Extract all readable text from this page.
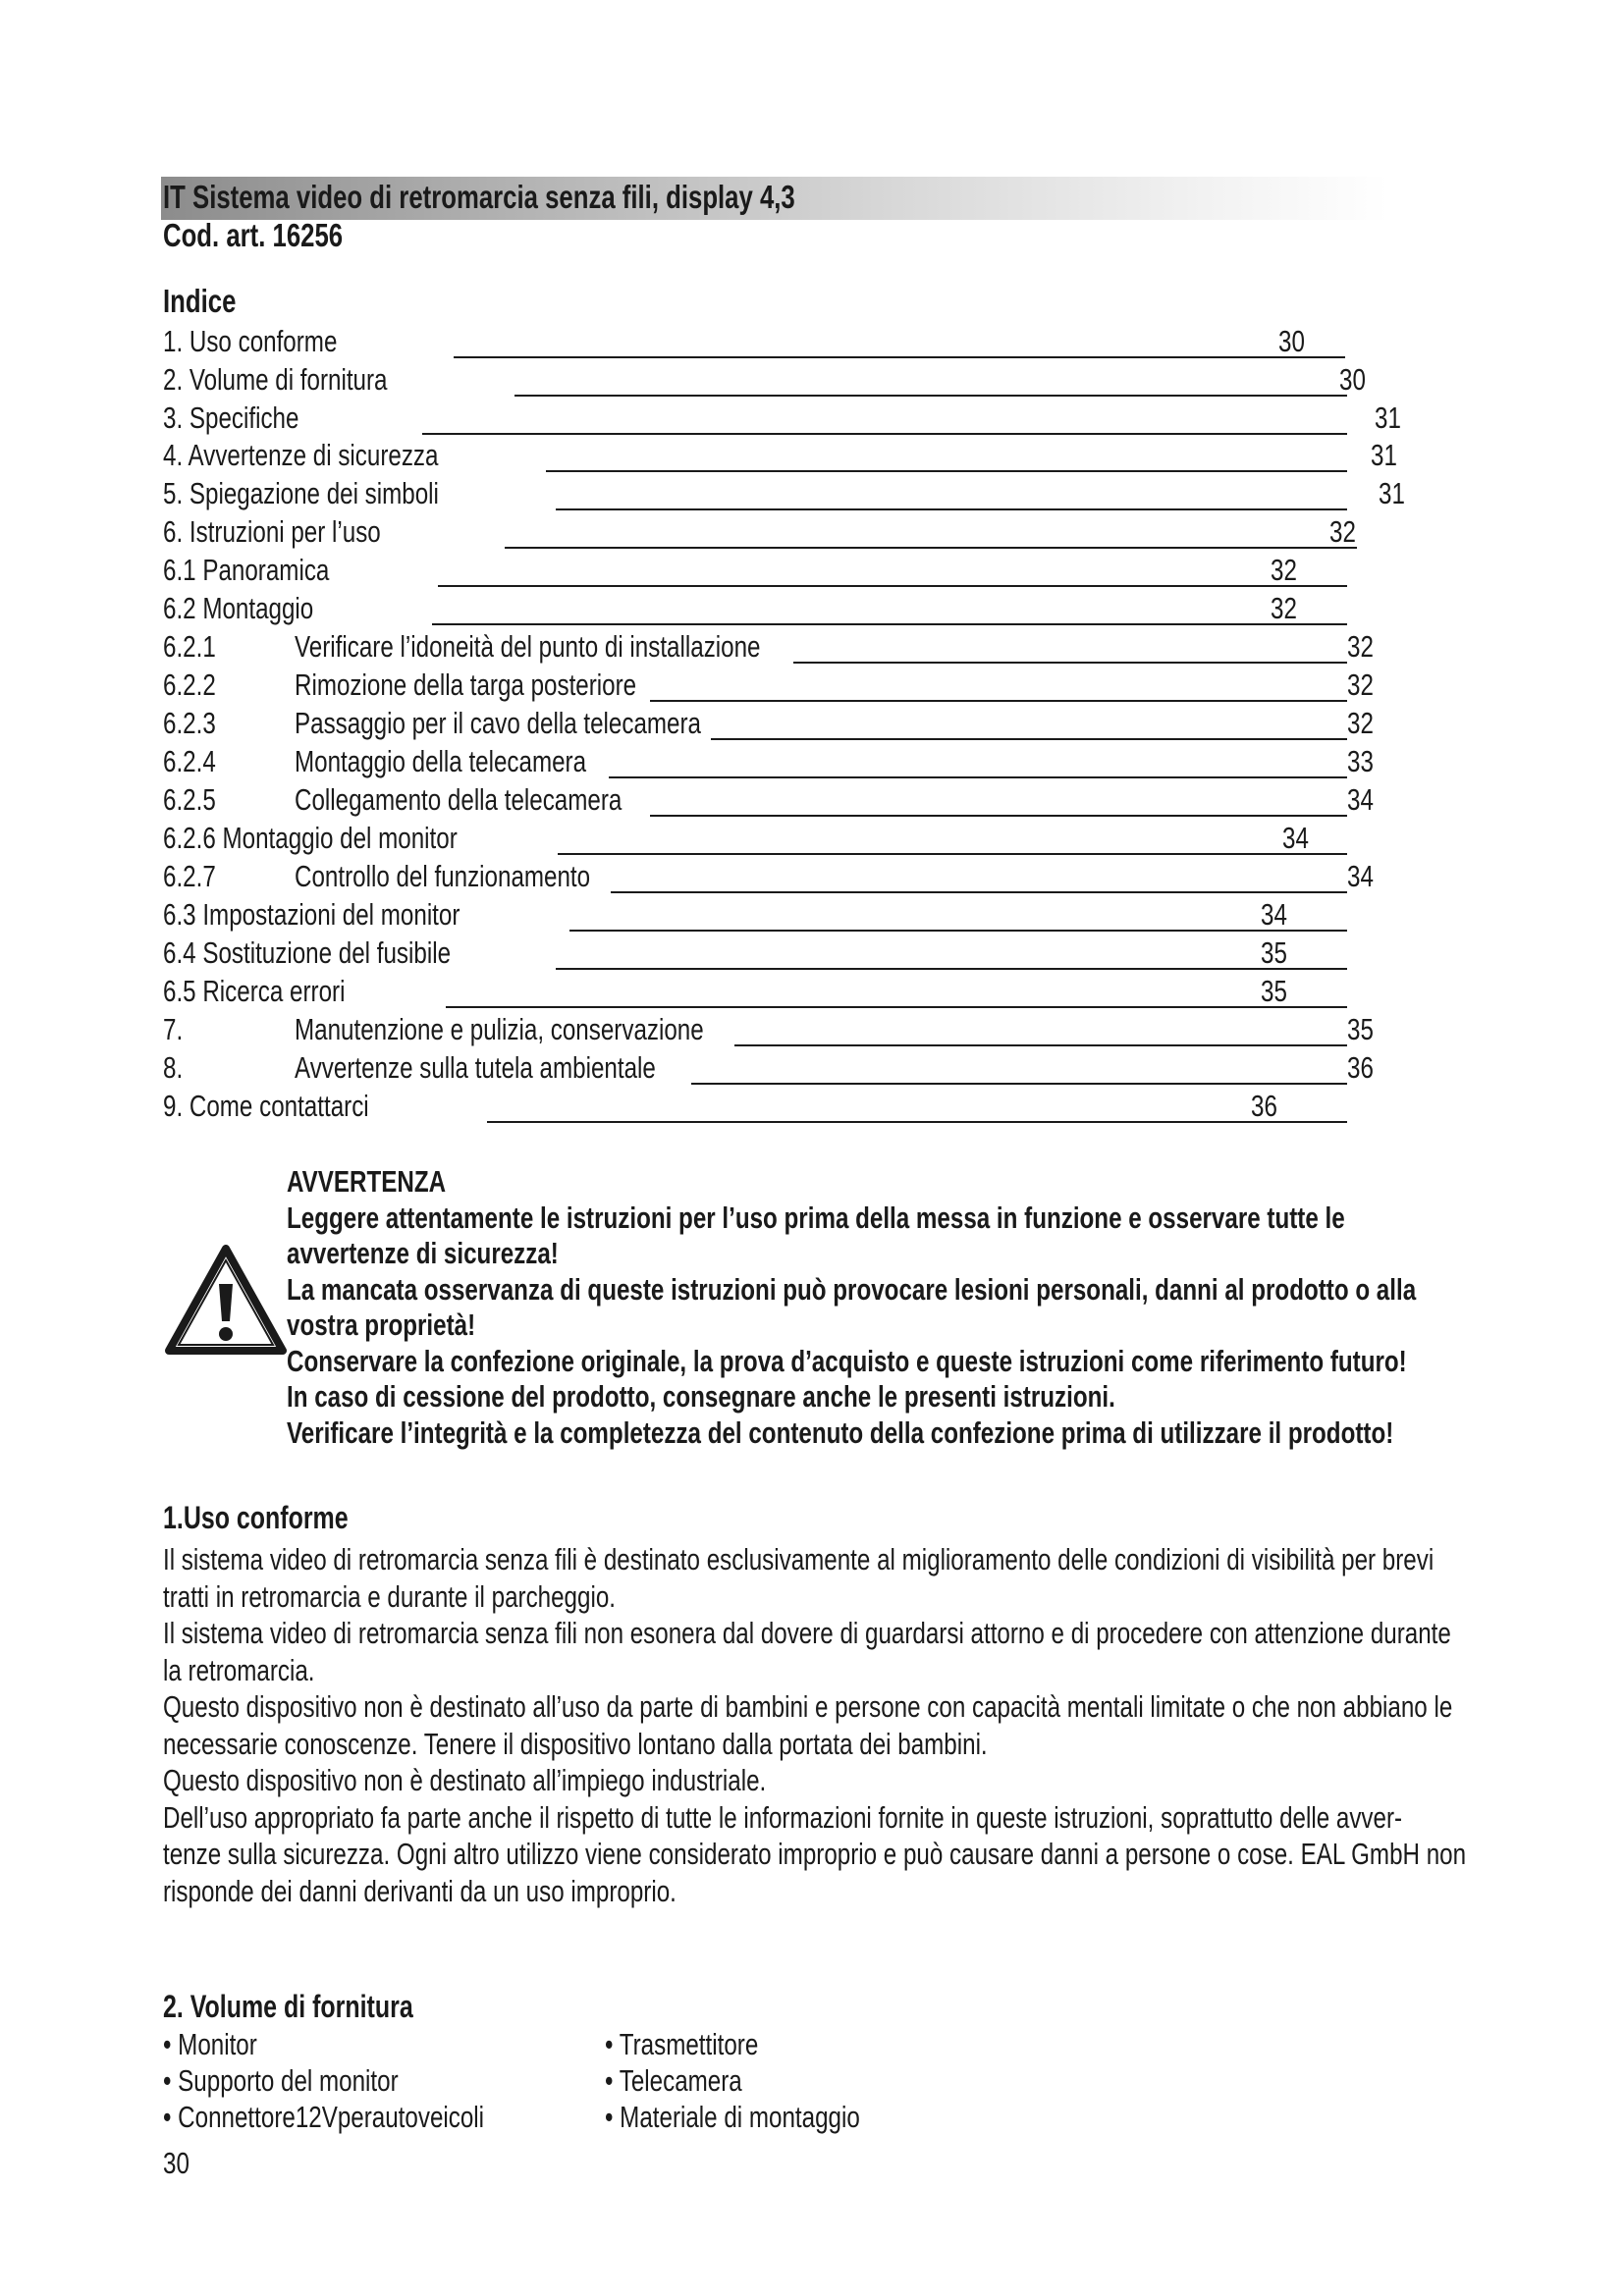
IT Sistema video di retromarcia senza fili, display 4,3
Cod. art. 16256
Indice
1. Uso conforme	30
2. Volume di fornitura	30
3. Specifiche	31
4. Avvertenze di sicurezza	31
5. Spiegazione dei simboli	31
6. Istruzioni per l’uso	32
6.1 Panoramica	32
6.2 Montaggio	32
6.2.1	Verificare l’idoneità del punto di installazione	32
6.2.2	Rimozione della targa posteriore	32
6.2.3	Passaggio per il cavo della telecamera	32
6.2.4	Montaggio della telecamera	33
6.2.5	Collegamento della telecamera	34
6.2.6 Montaggio del monitor	34
6.2.7	Controllo del funzionamento	34
6.3 Impostazioni del monitor	34
6.4 Sostituzione del fusibile	35
6.5 Ricerca errori	35
7.	Manutenzione e pulizia, conservazione	35
8.	Avvertenze sulla tutela ambientale	36
9. Come contattarci	36
AVVERTENZA
Leggere attentamente le istruzioni per l’uso prima della messa in funzione e osservare tutte le
avvertenze di sicurezza!
La mancata osservanza di queste istruzioni può provocare lesioni personali, danni al prodotto o alla
vostra proprietà!
Conservare la confezione originale, la prova d’acquisto e queste istruzioni come riferimento futuro!
In caso di cessione del prodotto, consegnare anche le presenti istruzioni.
Verificare l’integrità e la completezza del contenuto della confezione prima di utilizzare il prodotto!
1.Uso conforme
Il sistema video di retromarcia senza fili è destinato esclusivamente al miglioramento delle condizioni di visibilità per brevi
tratti in retromarcia e durante il parcheggio.
Il sistema video di retromarcia senza fili non esonera dal dovere di guardarsi attorno e di procedere con attenzione durante
la retromarcia.
Questo dispositivo non è destinato all’uso da parte di bambini e persone con capacità mentali limitate o che non abbiano le
necessarie conoscenze. Tenere il dispositivo lontano dalla portata dei bambini.
Questo dispositivo non è destinato all’impiego industriale.
Dell’uso appropriato fa parte anche il rispetto di tutte le informazioni fornite in queste istruzioni, soprattutto delle avver-
tenze sulla sicurezza. Ogni altro utilizzo viene considerato improprio e può causare danni a persone o cose. EAL GmbH non
risponde dei danni derivanti da un uso improprio.
2. Volume di fornitura
• Monitor
• Supporto del monitor
• Connettore12Vperautoveicoli
• Trasmettitore
• Telecamera
• Materiale di montaggio
30
